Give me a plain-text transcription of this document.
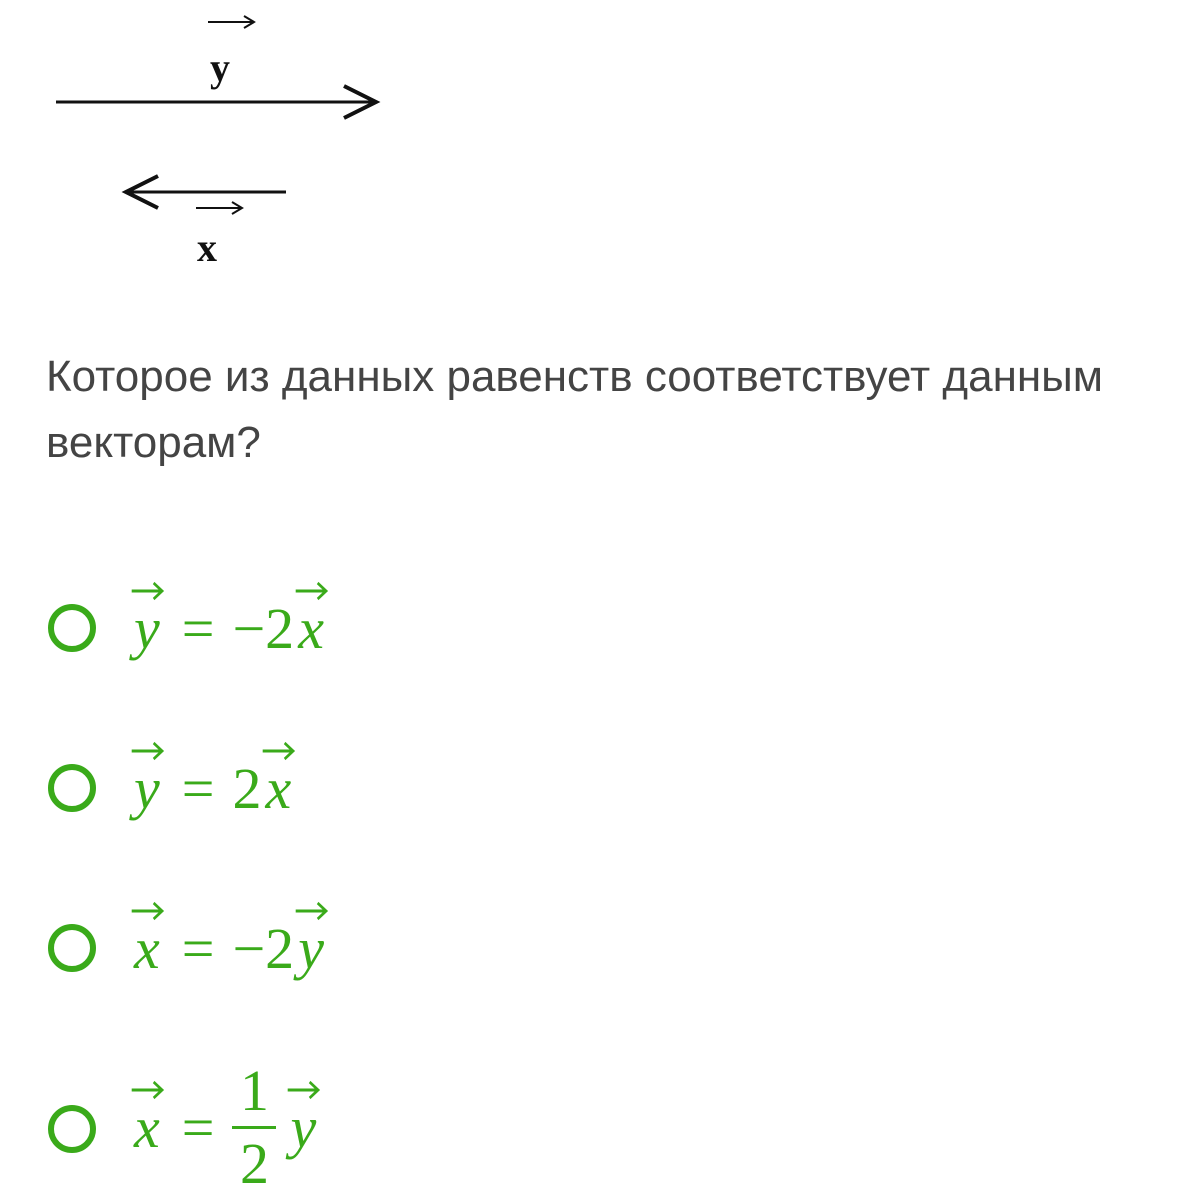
y
x

Которое из данных равенств соответствует данным векторам?

y = −2
x
y = 2
x
x = −2
y
$x = \frac{1}{2}$ y
